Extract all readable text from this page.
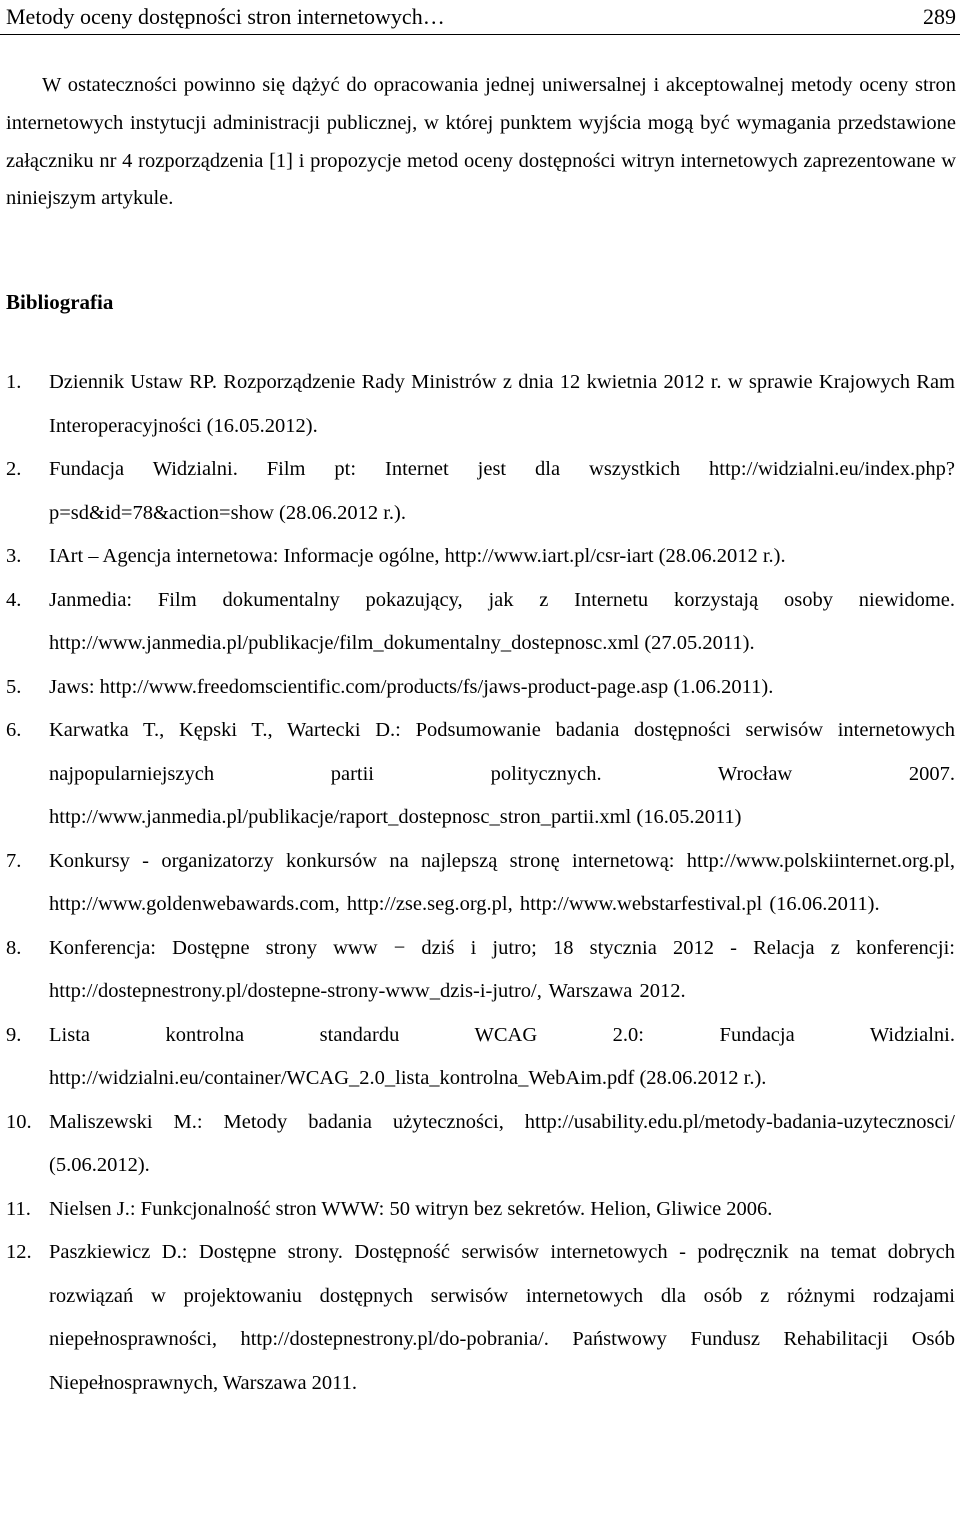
Metody oceny dostępności stron internetowych…	289

W ostateczności powinno się dążyć do opracowania jednej uniwersalnej i akceptowalnej metody oceny stron internetowych instytucji administracji publicznej, w której punktem wyjścia mogą być wymagania przedstawione załączniku nr 4 rozporządzenia [1] i propozycje metod oceny dostępności witryn internetowych zaprezentowane w niniejszym artykule.

Bibliografia
1. Dziennik Ustaw RP. Rozporządzenie Rady Ministrów z dnia 12 kwietnia 2012 r. w sprawie Krajowych Ram Interoperacyjności (16.05.2012).
2. Fundacja Widzialni. Film pt: Internet jest dla wszystkich http://widzialni.eu/index.php?p=sd&id=78&action=show (28.06.2012 r.).
3. IArt – Agencja internetowa: Informacje ogólne, http://www.iart.pl/csr-iart (28.06.2012 r.).
4. Janmedia: Film dokumentalny pokazujący, jak z Internetu korzystają osoby niewidome. http://www.janmedia.pl/publikacje/film_dokumentalny_dostepnosc.xml (27.05.2011).
5. Jaws: http://www.freedomscientific.com/products/fs/jaws-product-page.asp (1.06.2011).
6. Karwatka T., Kępski T., Wartecki D.: Podsumowanie badania dostępności serwisów internetowych najpopularniejszych partii politycznych. Wrocław 2007. http://www.janmedia.pl/publikacje/raport_dostepnosc_stron_partii.xml (16.05.2011)
7. Konkursy - organizatorzy konkursów na najlepszą stronę internetową: http://www.polskiinternet.org.pl, http://www.goldenwebawards.com, http://zse.seg.org.pl, http://www.webstarfestival.pl (16.06.2011).
8. Konferencja: Dostępne strony www − dziś i jutro; 18 stycznia 2012 - Relacja z konferencji: http://dostepnestrony.pl/dostepne-strony-www_dzis-i-jutro/, Warszawa 2012.
9. Lista kontrolna standardu WCAG 2.0: Fundacja Widzialni. http://widzialni.eu/container/WCAG_2.0_lista_kontrolna_WebAim.pdf (28.06.2012 r.).
10. Maliszewski M.: Metody badania użyteczności, http://usability.edu.pl/metody-badania-uzytecznosci/ (5.06.2012).
11. Nielsen J.: Funkcjonalność stron WWW: 50 witryn bez sekretów. Helion, Gliwice 2006.
12. Paszkiewicz D.: Dostępne strony. Dostępność serwisów internetowych - podręcznik na temat dobrych rozwiązań w projektowaniu dostępnych serwisów internetowych dla osób z różnymi rodzajami niepełnosprawności, http://dostepnestrony.pl/do-pobrania/. Państwowy Fundusz Rehabilitacji Osób Niepełnosprawnych, Warszawa 2011.
